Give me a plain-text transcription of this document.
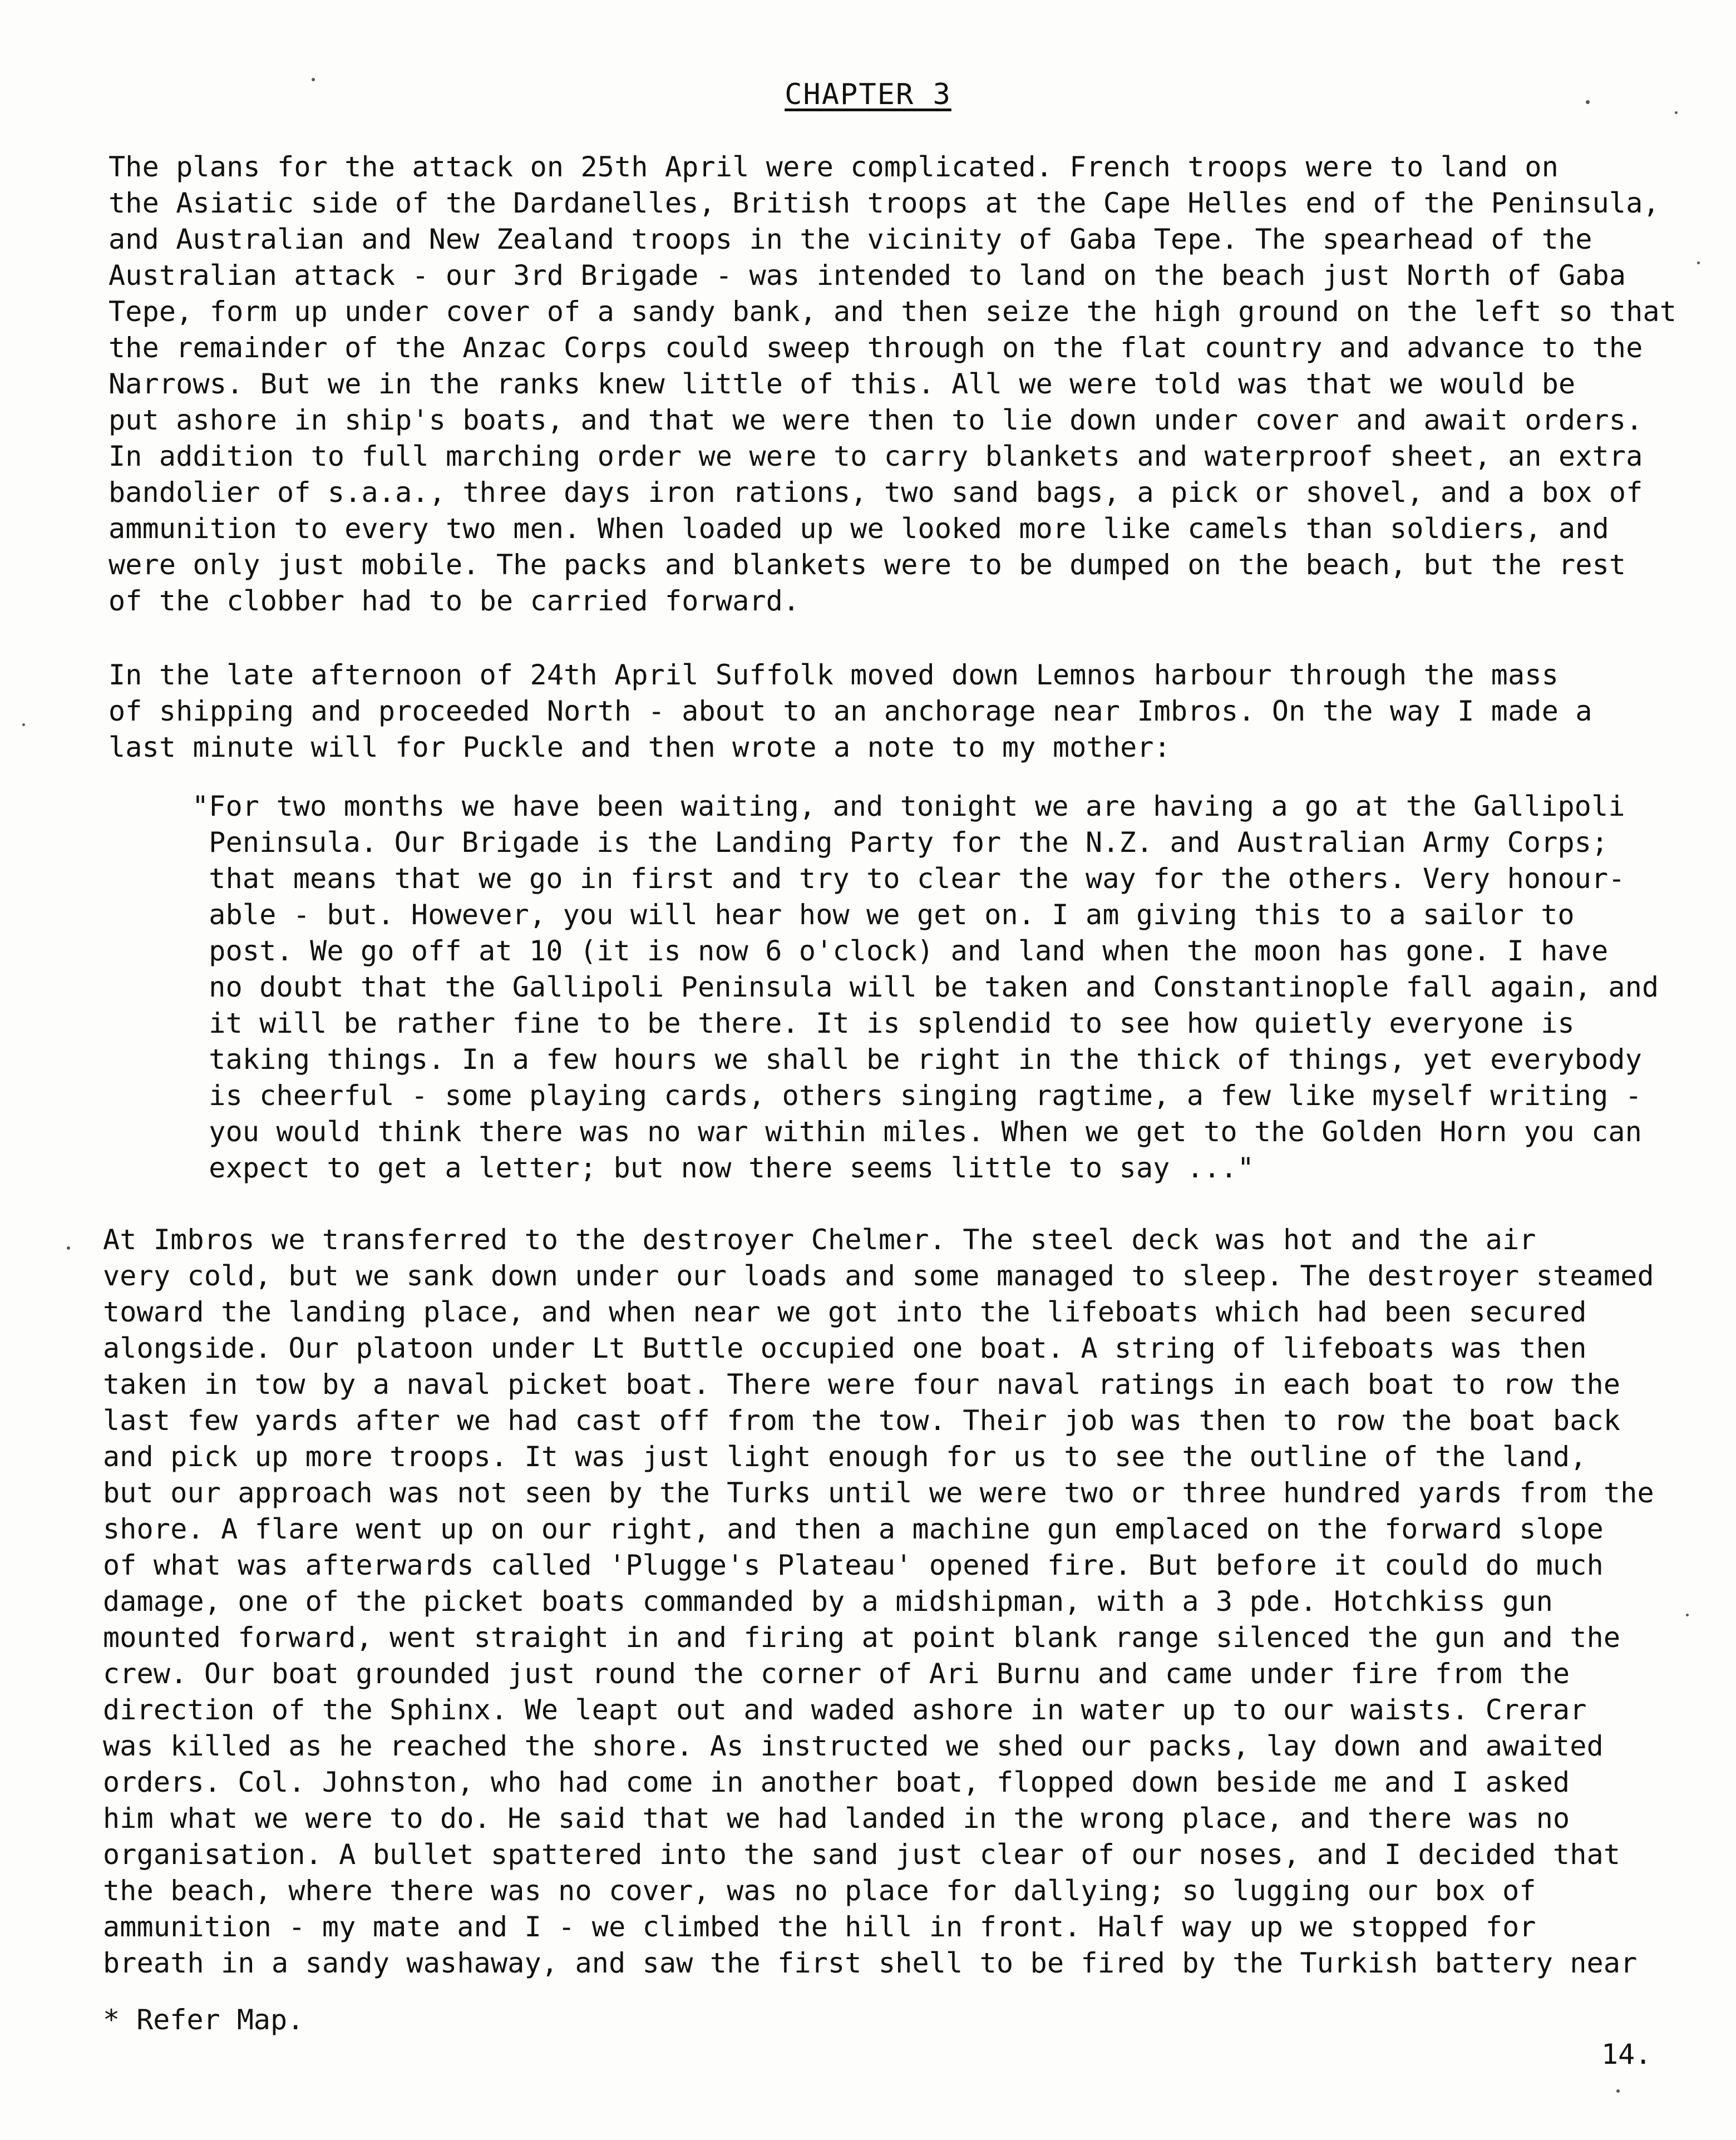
CHAPTER 3

The plans for the attack on 25th April were complicated. French troops were to land on
the Asiatic side of the Dardanelles, British troops at the Cape Helles end of the Peninsula,
and Australian and New Zealand troops in the vicinity of Gaba Tepe. The spearhead of the
Australian attack - our 3rd Brigade - was intended to land on the beach just North of Gaba
Tepe, form up under cover of a sandy bank, and then seize the high ground on the left so that
the remainder of the Anzac Corps could sweep through on the flat country and advance to the
Narrows. But we in the ranks knew little of this. All we were told was that we would be
put ashore in ship's boats, and that we were then to lie down under cover and await orders.
In addition to full marching order we were to carry blankets and waterproof sheet, an extra
bandolier of s.a.a., three days iron rations, two sand bags, a pick or shovel, and a box of
ammunition to every two men. When loaded up we looked more like camels than soldiers, and
were only just mobile. The packs and blankets were to be dumped on the beach, but the rest
of the clobber had to be carried forward.

In the late afternoon of 24th April Suffolk moved down Lemnos harbour through the mass
of shipping and proceeded North - about to an anchorage near Imbros. On the way I made a
last minute will for Puckle and then wrote a note to my mother:

"For two months we have been waiting, and tonight we are having a go at the Gallipoli
Peninsula. Our Brigade is the Landing Party for the N.Z. and Australian Army Corps;
that means that we go in first and try to clear the way for the others. Very honour-
able - but. However, you will hear how we get on. I am giving this to a sailor to
post. We go off at 10 (it is now 6 o'clock) and land when the moon has gone. I have
no doubt that the Gallipoli Peninsula will be taken and Constantinople fall again, and
it will be rather fine to be there. It is splendid to see how quietly everyone is
taking things. In a few hours we shall be right in the thick of things, yet everybody
is cheerful - some playing cards, others singing ragtime, a few like myself writing -
you would think there was no war within miles. When we get to the Golden Horn you can
expect to get a letter; but now there seems little to say ..."

At Imbros we transferred to the destroyer Chelmer. The steel deck was hot and the air
very cold, but we sank down under our loads and some managed to sleep. The destroyer steamed
toward the landing place, and when near we got into the lifeboats which had been secured
alongside. Our platoon under Lt Buttle occupied one boat. A string of lifeboats was then
taken in tow by a naval picket boat. There were four naval ratings in each boat to row the
last few yards after we had cast off from the tow. Their job was then to row the boat back
and pick up more troops. It was just light enough for us to see the outline of the land,
but our approach was not seen by the Turks until we were two or three hundred yards from the
shore. A flare went up on our right, and then a machine gun emplaced on the forward slope
of what was afterwards called 'Plugge's Plateau' opened fire. But before it could do much
damage, one of the picket boats commanded by a midshipman, with a 3 pde. Hotchkiss gun
mounted forward, went straight in and firing at point blank range silenced the gun and the
crew. Our boat grounded just round the corner of Ari Burnu and came under fire from the
direction of the Sphinx. We leapt out and waded ashore in water up to our waists. Crerar
was killed as he reached the shore. As instructed we shed our packs, lay down and awaited
orders. Col. Johnston, who had come in another boat, flopped down beside me and I asked
him what we were to do. He said that we had landed in the wrong place, and there was no
organisation. A bullet spattered into the sand just clear of our noses, and I decided that
the beach, where there was no cover, was no place for dallying; so lugging our box of
ammunition - my mate and I - we climbed the hill in front. Half way up we stopped for
breath in a sandy washaway, and saw the first shell to be fired by the Turkish battery near

* Refer Map.
14.
